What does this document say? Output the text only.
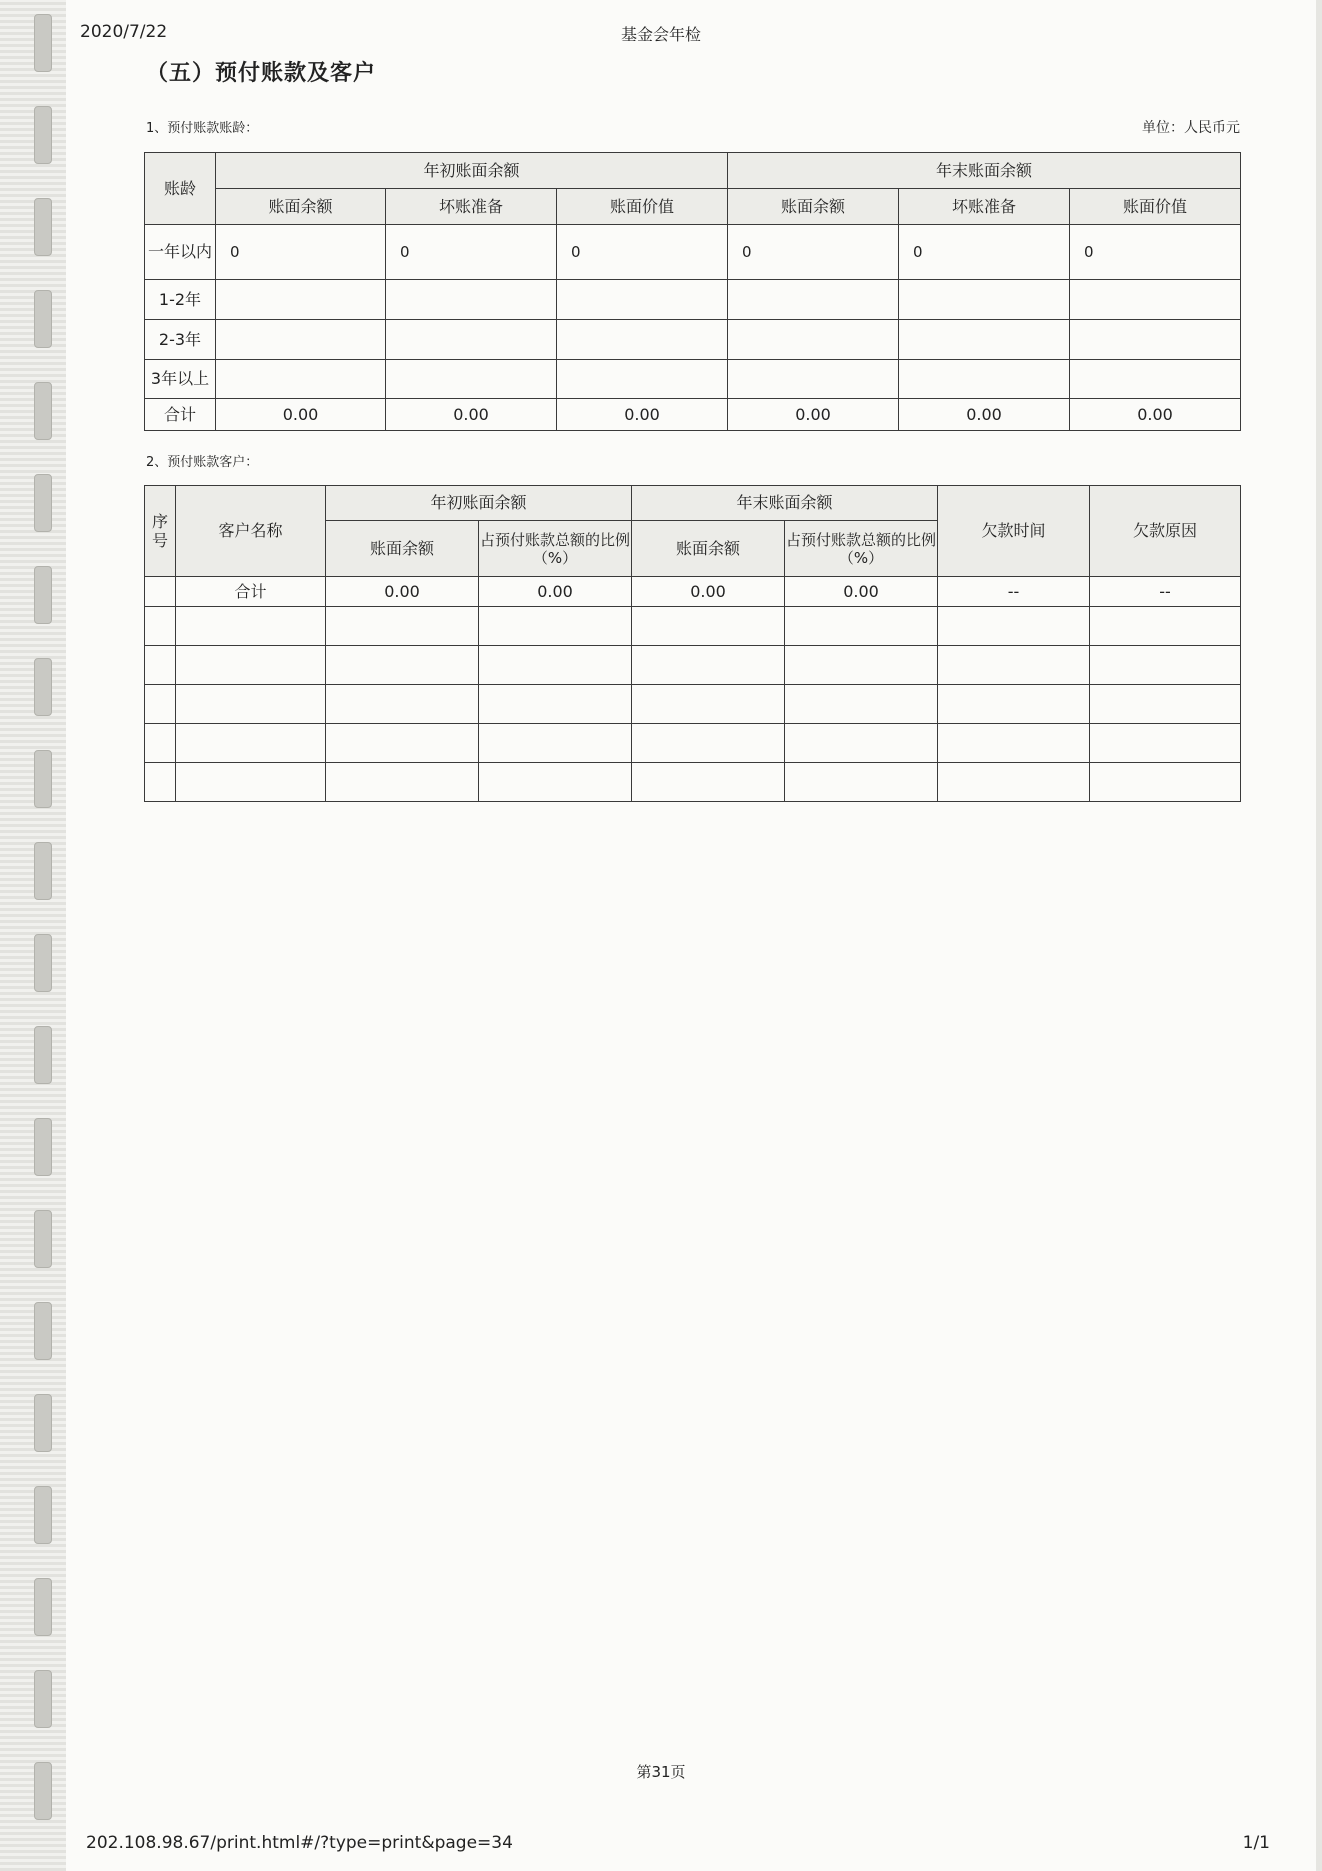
2020/7/22	基金会年检
（五）预付账款及客户
1、预付账款账龄：	单位：人民币元
账龄	年初账面余额			年末账面余额		
	账面余额	坏账准备	账面价值	账面余额	坏账准备	账面价值
一年以内	0	0	0	0	0	0
1-2年						
2-3年						
3年以上						
合计	0.00	0.00	0.00	0.00	0.00	0.00
2、预付账款客户：
序号	客户名称	年初账面余额		年末账面余额		欠款时间	欠款原因
		账面余额	占预付账款总额的比例（%）	账面余额	占预付账款总额的比例（%）		
	合计	0.00	0.00	0.00	0.00	--	--

第31页
202.108.98.67/print.html#/?type=print&page=34	1/1
